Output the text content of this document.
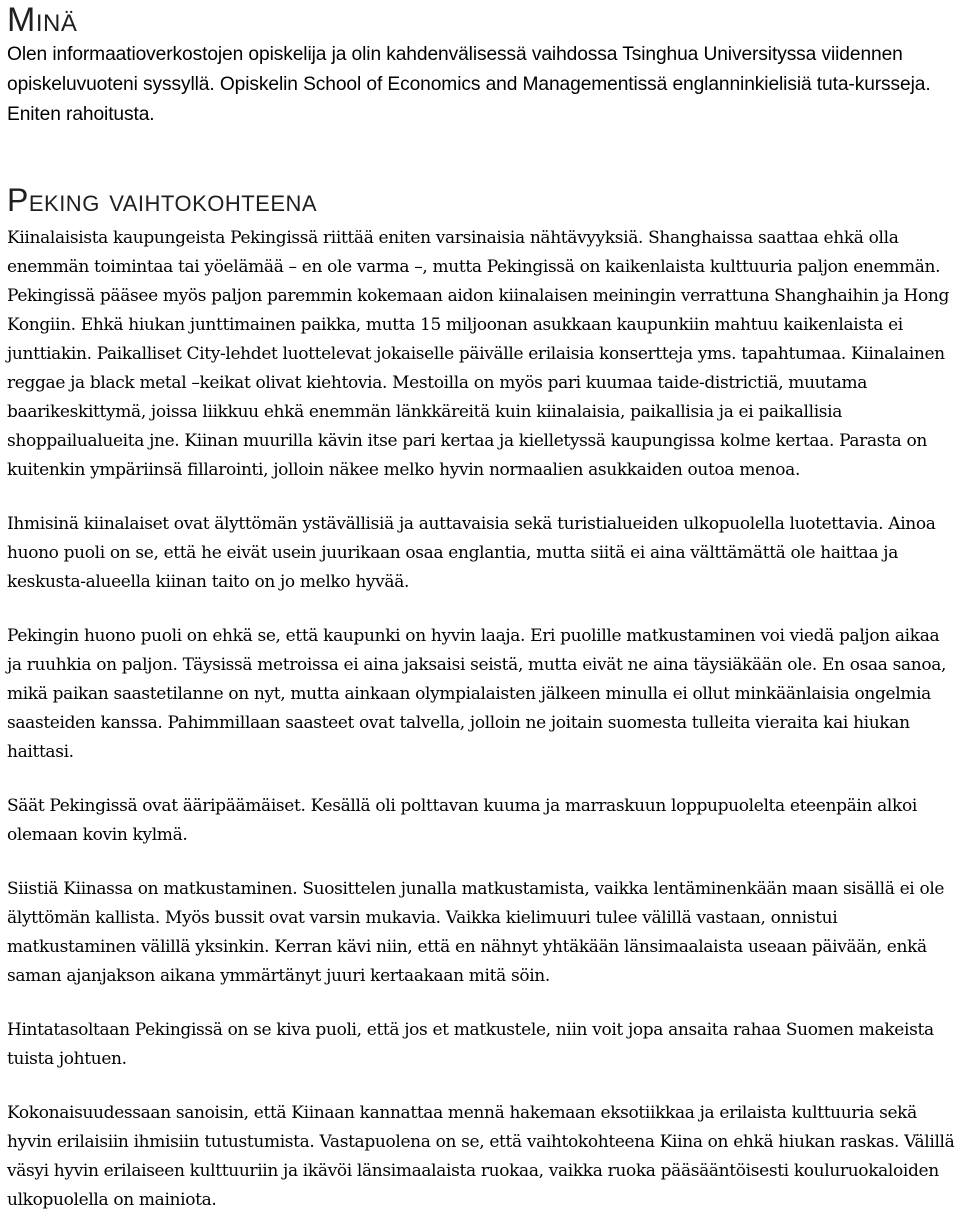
Minä

Olen informaatioverkostojen opiskelija ja olin kahdenvälisessä vaihdossa Tsinghua Universityssa viidennen opiskeluvuoteni syssyllä. Opiskelin School of Economics and Managementissä englanninkielisiä tuta-kursseja. Eniten rahoitusta.

Peking vaihtokohteena

Kiinalaisista kaupungeista Pekingissä riittää eniten varsinaisia nähtävyyksiä. Shanghaissa saattaa ehkä olla enemmän toimintaa tai yöelämää – en ole varma –, mutta Pekingissä on kaikenlaista kulttuuria paljon enemmän. Pekingissä pääsee myös paljon paremmin kokemaan aidon kiinalaisen meiningin verrattuna Shanghaihin ja Hong Kongiin. Ehkä hiukan junttimainen paikka, mutta 15 miljoonan asukkaan kaupunkiin mahtuu kaikenlaista ei junttiakin. Paikalliset City-lehdet luottelevat jokaiselle päivälle erilaisia konsertteja yms. tapahtumaa. Kiinalainen reggae ja black metal –keikat olivat kiehtovia. Mestoilla on myös pari kuumaa taide-districtiä, muutama baarikeskittymä, joissa liikkuu ehkä enemmän länkkäreitä kuin kiinalaisia, paikallisia ja ei paikallisia shoppailualueita jne. Kiinan muurilla kävin itse pari kertaa ja kielletyssä kaupungissa kolme kertaa. Parasta on kuitenkin ympäriinsä fillarointi, jolloin näkee melko hyvin normaalien asukkaiden outoa menoa.

Ihmisinä kiinalaiset ovat älyttömän ystävällisiä ja auttavaisia sekä turistialueiden ulkopuolella luotettavia. Ainoa huono puoli on se, että he eivät usein juurikaan osaa englantia, mutta siitä ei aina välttämättä ole haittaa ja keskusta-alueella kiinan taito on jo melko hyvää.

Pekingin huono puoli on ehkä se, että kaupunki on hyvin laaja. Eri puolille matkustaminen voi viedä paljon aikaa ja ruuhkia on paljon. Täysissä metroissa ei aina jaksaisi seistä, mutta eivät ne aina täysiäkään ole. En osaa sanoa, mikä paikan saastetilanne on nyt, mutta ainkaan olympialaisten jälkeen minulla ei ollut minkäänlaisia ongelmia saasteiden kanssa. Pahimmillaan saasteet ovat talvella, jolloin ne joitain suomesta tulleita vieraita kai hiukan haittasi.

Säät Pekingissä ovat ääripäämäiset. Kesällä oli polttavan kuuma ja marraskuun loppupuolelta eteenpäin alkoi olemaan kovin kylmä.

Siistiä Kiinassa on matkustaminen. Suosittelen junalla matkustamista, vaikka lentäminenkään maan sisällä ei ole älyttömän kallista. Myös bussit ovat varsin mukavia. Vaikka kielimuuri tulee välillä vastaan, onnistui matkustaminen välillä yksinkin. Kerran kävi niin, että en nähnyt yhtäkään länsimaalaista useaan päivään, enkä saman ajanjakson aikana ymmärtänyt juuri kertaakaan mitä söin.

Hintatasoltaan Pekingissä on se kiva puoli, että jos et matkustele, niin voit jopa ansaita rahaa Suomen makeista tuista johtuen.

Kokonaisuudessaan sanoisin, että Kiinaan kannattaa mennä hakemaan eksotiikkaa ja erilaista kulttuuria sekä hyvin erilaisiin ihmisiin tutustumista. Vastapuolena on se, että vaihtokohteena Kiina on ehkä hiukan raskas. Välillä väsyi hyvin erilaiseen kulttuuriin ja ikävöi länsimaalaista ruokaa, vaikka ruoka pääsääntöisesti kouluruokaloiden ulkopuolella on mainiota.
